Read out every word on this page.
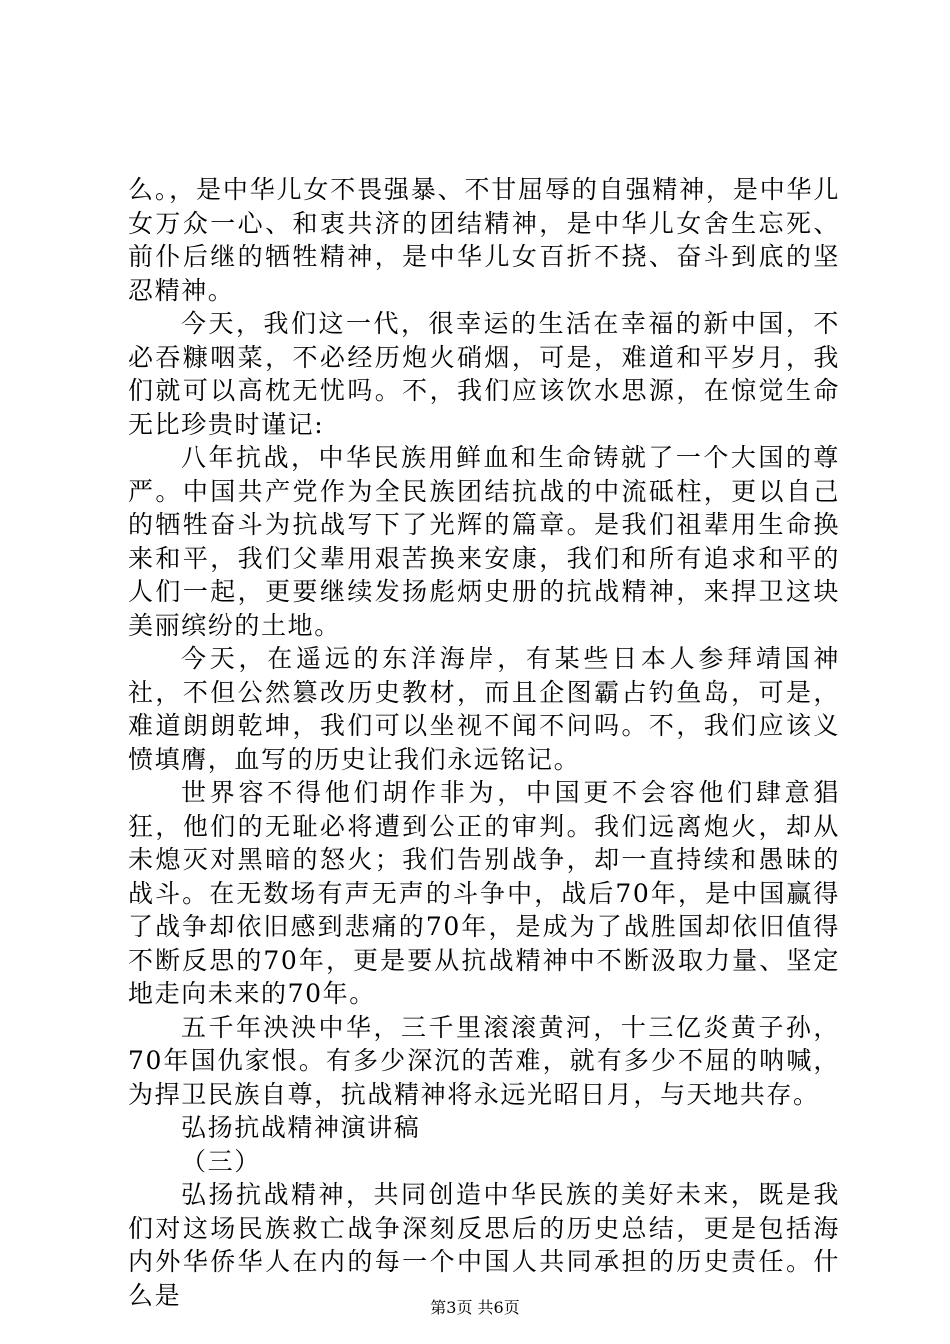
么。，是中华儿女不畏强暴、不甘屈辱的自强精神，是中华儿女万众一心、和衷共济的团结精神，是中华儿女舍生忘死、前仆后继的牺牲精神，是中华儿女百折不挠、奋斗到底的坚忍精神。

今天，我们这一代，很幸运的生活在幸福的新中国，不必吞糠咽菜，不必经历炮火硝烟，可是，难道和平岁月，我们就可以高枕无忧吗。不，我们应该饮水思源，在惊觉生命无比珍贵时谨记:

八年抗战，中华民族用鲜血和生命铸就了一个大国的尊严。中国共产党作为全民族团结抗战的中流砥柱，更以自己的牺牲奋斗为抗战写下了光辉的篇章。是我们祖辈用生命换来和平，我们父辈用艰苦换来安康，我们和所有追求和平的人们一起，更要继续发扬彪炳史册的抗战精神，来捍卫这块美丽缤纷的土地。

今天，在遥远的东洋海岸，有某些日本人参拜靖国神社，不但公然篡改历史教材，而且企图霸占钓鱼岛，可是，难道朗朗乾坤，我们可以坐视不闻不问吗。不，我们应该义愤填膺，血写的历史让我们永远铭记。

世界容不得他们胡作非为，中国更不会容他们肆意猖狂，他们的无耻必将遭到公正的审判。我们远离炮火，却从未熄灭对黑暗的怒火；我们告别战争，却一直持续和愚昧的战斗。在无数场有声无声的斗争中，战后70年，是中国赢得了战争却依旧感到悲痛的70年，是成为了战胜国却依旧值得不断反思的70年，更是要从抗战精神中不断汲取力量、坚定地走向未来的70年。

五千年泱泱中华，三千里滚滚黄河，十三亿炎黄子孙，70年国仇家恨。有多少深沉的苦难，就有多少不屈的呐喊，为捍卫民族自尊，抗战精神将永远光昭日月，与天地共存。

弘扬抗战精神演讲稿

（三）

弘扬抗战精神，共同创造中华民族的美好未来，既是我们对这场民族救亡战争深刻反思后的历史总结，更是包括海内外华侨华人在内的每一个中国人共同承担的历史责任。什么是	第3页 共6页
